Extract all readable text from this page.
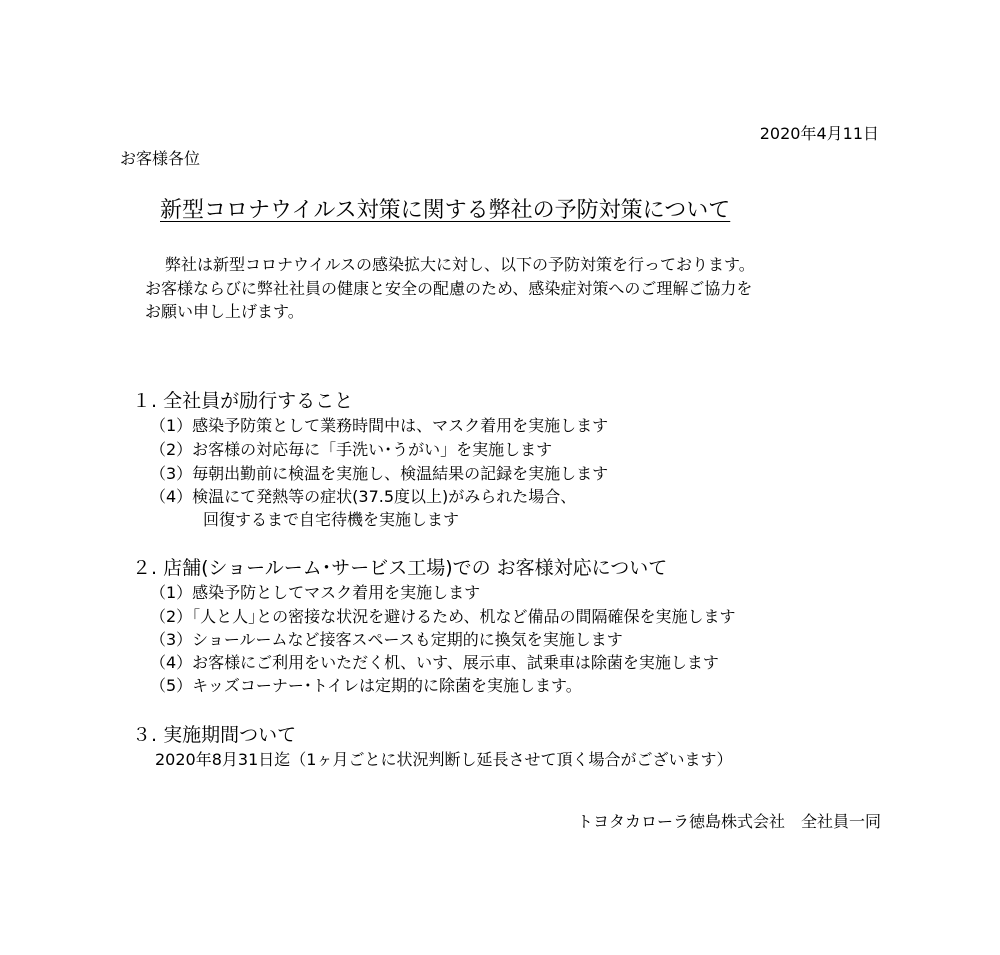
2020年4月11日

お客様各位

新型コロナウイルス対策に関する弊社の予防対策について

弊社は新型コロナウイルスの感染拡大に対し、以下の予防対策を行っております。

お客様ならびに弊社社員の健康と安全の配慮のため、感染症対策へのご理解ご協力を

お願い申し上げます。

１. 全社員が励行すること

（1）感染予防策として業務時間中は、マスク着用を実施します

（2）お客様の対応毎に「手洗い･うがい」を実施します

（3）毎朝出勤前に検温を実施し、検温結果の記録を実施します

（4）検温にて発熱等の症状(37.5度以上)がみられた場合、

回復するまで自宅待機を実施します

２. 店舗(ショールーム･サービス工場)での お客様対応について

（1）感染予防としてマスク着用を実施します

（2）｢人と人｣との密接な状況を避けるため、机など備品の間隔確保を実施します

（3）ショールームなど接客スペースも定期的に換気を実施します

（4）お客様にご利用をいただく机、いす、展示車、試乗車は除菌を実施します

（5）キッズコーナー･トイレは定期的に除菌を実施します。

３. 実施期間ついて

2020年8月31日迄（1ヶ月ごとに状況判断し延長させて頂く場合がございます）

トヨタカローラ徳島株式会社　全社員一同
